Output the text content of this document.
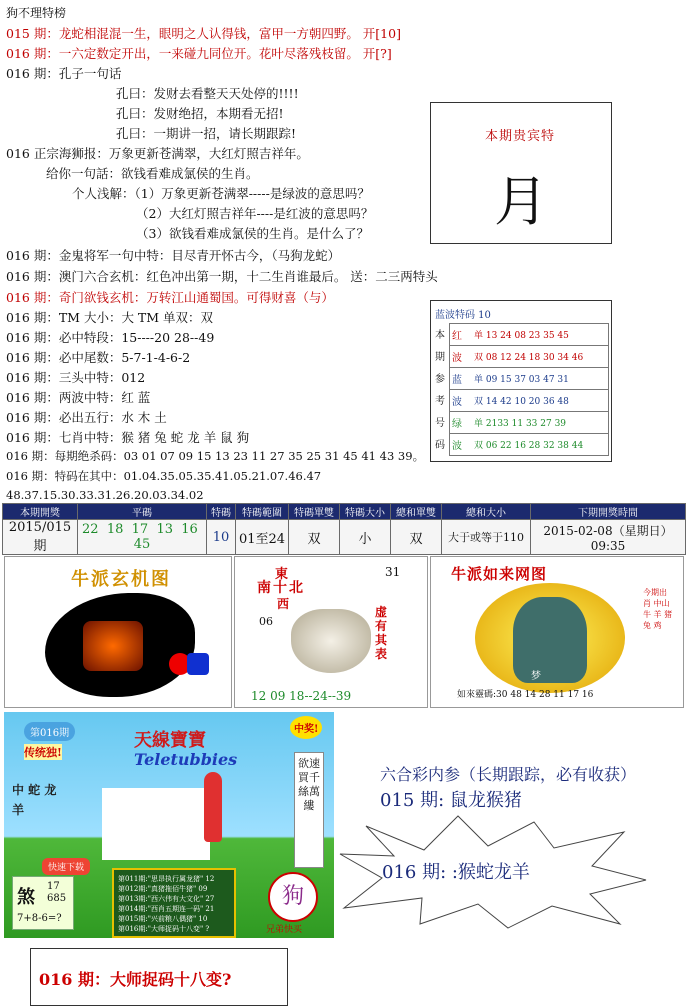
狗不理特榜
015 期：龙蛇相混混一生，眼明之人认得钱，富甲一方朝四野。 开[10]
016 期：一六定数定开出，一来碰九同位开。花叶尽落残枝留。 开[?]
016 期：孔子一句话
孔曰：发财去看整天天处停的!!!!
孔曰：发财绝招，本期看无招!
孔曰：一期讲一招，请长期跟踪!
016 正宗海狮报：万象更新苍满翠，大红灯照吉祥年。
给你一句話：欲钱看难成氯侯的生肖。
个人浅解：（1）万象更新苍满翠-----是绿波的意思吗？
（2）大红灯照吉祥年----是红波的意思吗？
（3）欲钱看难成氯侯的生肖。是什么了？
016 期：金鬼将军一句中特：目尽青开怀古今，（马狗龙蛇）
016 期：澳门六合玄机：红色冲出第一期，十二生肖谁最后。 送：二三两特头
016 期：奇门欲钱玄机：万转江山通蜀国。可得财喜（与）
016 期：TM 大小：大 TM 单双：双
016 期：必中特段：15----20 28--49
016 期：必中尾数：5-7-1-4-6-2
016 期：三头中特：012
016 期：两波中特：红 蓝
016 期：必出五行：水 木 土
016 期：七肖中特：猴 猪 兔 蛇 龙 羊 鼠 狗
016 期：每期绝杀码：03 01 07 09 15 13 23 11 27 35 25 31 45 41 43 39。
016 期：特码在其中：01.04.35.05.35.41.05.21.07.46.47
48.37.15.30.33.31.26.20.03.34.02
本期贵宾特
月
蓝波特码 10
本
期
参
考
号
码
红 单 13 24 08 23 35 45
波 双 08 12 24 18 30 34 46
蓝 单 09 15 37 03 47 31
波 双 14 42 10 20 36 48
绿 单 2133 11 33 27 39
波 双 06 22 16 28 32 38 44
本期開獎	平碼	特碼	特碼範圍	特碼單雙	特碼大小	總和單雙	總和大小	下期開獎時間
2015/015期	22 18 17 13 16  45	10	01至24	双	小	双	大于或等于110	2015-02-08（星期日）09:35
牛派玄机图	東
南十北
西
31
06
虚有其表
12 09 18--24--39
牛派如来网图
梦
今期出肖 中山 牛 羊 猪 兔 鸡
如來靈碼:30 48 14 28 11 17 16
第016期
传统独!
天線寶寶
Teletubbies
中奖!
欲速買千絲萬縷
中 蛇 龙 羊
快速下载
煞
17 685
7+8-6=?
第011期:"思昂执行属龙猪" 12
第012期:"真猪拖佰牛猪" 09
第013期:"西六伟有大文化" 27
第014期:"西肖五期连一码" 21
第015期:"兴前粮八偶猪" 10
第016期:"大师捉码十八变" ?
狗
兄弟快买
六合彩内参（长期跟踪，必有收获）
015 期: 鼠龙猴猪
016 期: :猴蛇龙羊
016 期：大师捉码十八变?
